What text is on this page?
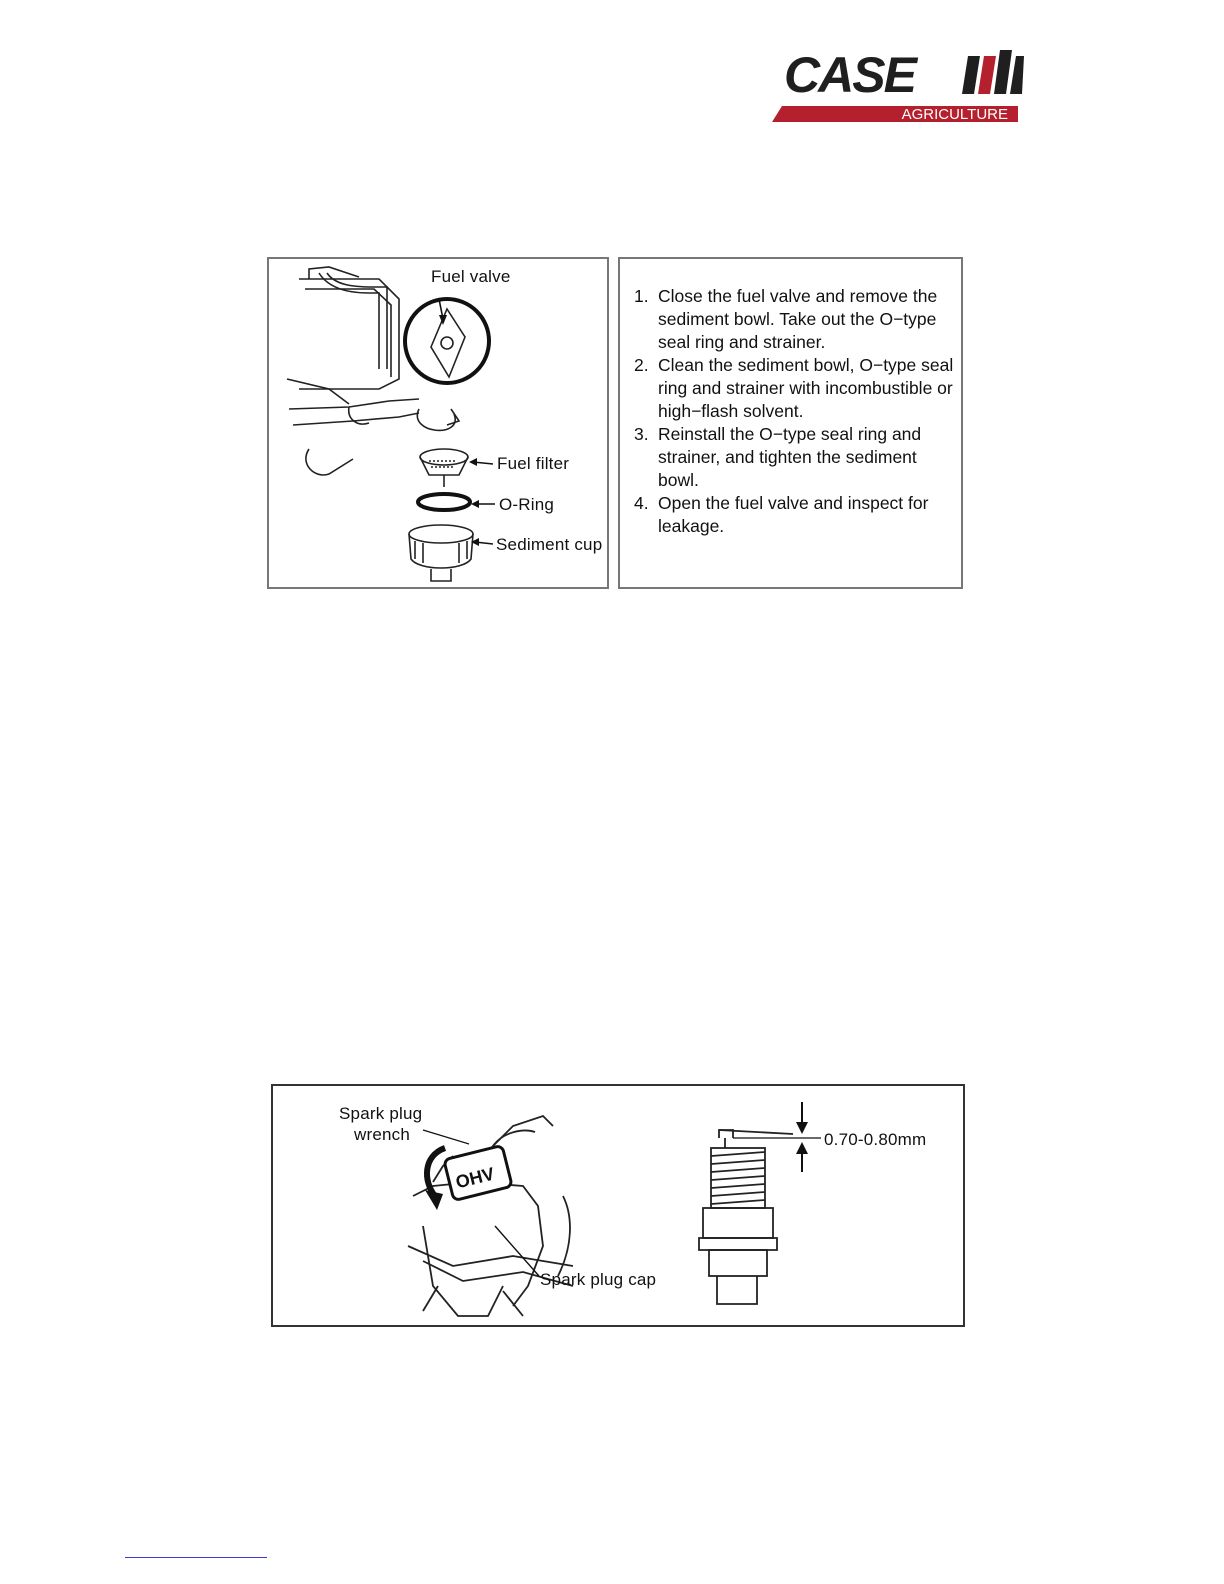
CASE
AGRICULTURE
Fuel valve
Fuel filter
O-Ring
Sediment cup
1. Close the fuel valve and remove the sediment bowl. Take out the O−type seal ring and strainer.
2. Clean the sediment bowl, O−type seal ring and strainer with incombustible or high−flash solvent.
3. Reinstall the O−type seal ring and strainer, and tighten the sediment bowl.
4. Open the fuel valve and inspect for leakage.
OHV
Spark plug
wrench
Spark plug cap
0.70-0.80mm
